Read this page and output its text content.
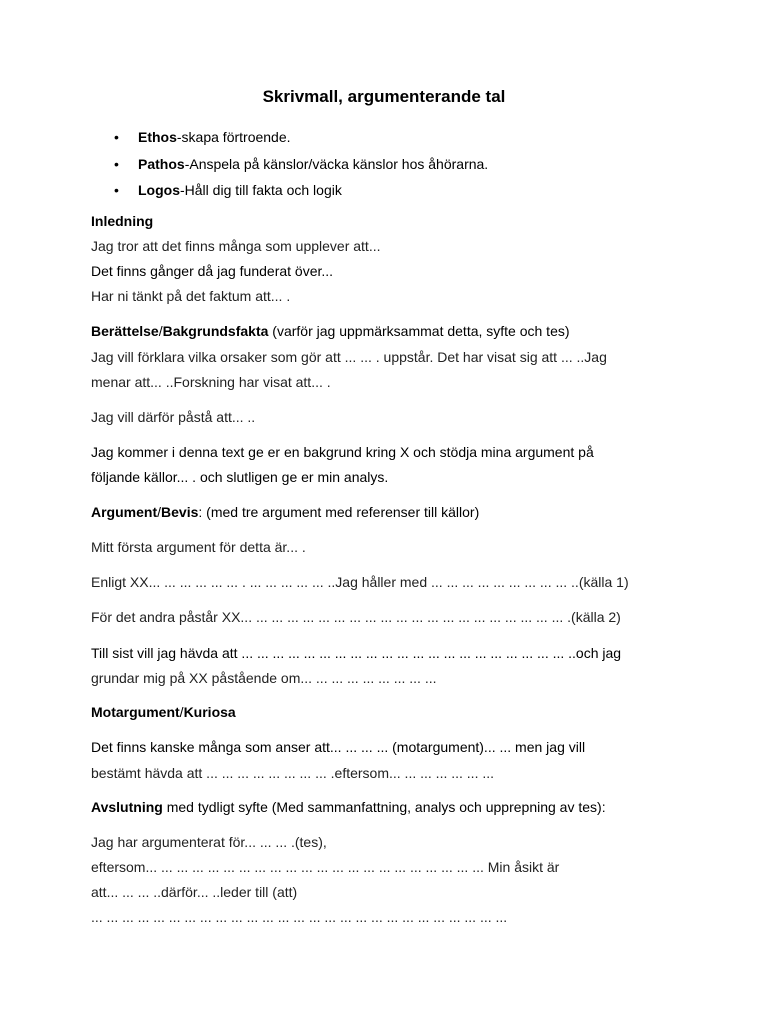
Skrivmall, argumenterande tal
• Ethos-skapa förtroende.
• Pathos-Anspela på känslor/väcka känslor hos åhörarna.
• Logos-Håll dig till fakta och logik
Inledning
Jag tror att det finns många som upplever att...
Det finns gånger då jag funderat över...
Har ni tänkt på det faktum att... .
Berättelse/Bakgrundsfakta (varför jag uppmärksammat detta, syfte och tes)
Jag vill förklara vilka orsaker som gör att ... ... . uppstår. Det har visat sig att ... ..Jag
menar att... ..Forskning har visat att... .
Jag vill därför påstå att... ..
Jag kommer i denna text ge er en bakgrund kring X och stödja mina argument på
följande källor... . och slutligen ge er min analys.
Argument/Bevis: (med tre argument med referenser till källor)
Mitt första argument för detta är... .
Enligt XX... ... ... ... ... ... . ... ... ... ... ... ..Jag håller med ... ... ... ... ... ... ... ... ... ..(källa 1)
För det andra påstår XX... ... ... ... ... ... ... ... ... ... ... ... ... ... ... ... ... ... ... ... ... .(källa 2)
Till sist vill jag hävda att ... ... ... ... ... ... ... ... ... ... ... ... ... ... ... ... ... ... ... ... ... ..och jag
grundar mig på XX påstående om... ... ... ... ... ... ... ... ...
Motargument/Kuriosa
Det finns kanske många som anser att... ... ... ... (motargument)... ... men jag vill
bestämt hävda att ... ... ... ... ... ... ... ... .eftersom... ... ... ... ... ... ...
Avslutning med tydligt syfte (Med sammanfattning, analys och upprepning av tes):
Jag har argumenterat för... ... ... .(tes),
eftersom... ... ... ... ... ... ... ... ... ... ... ... ... ... ... ... ... ... ... ... ... ... Min åsikt är
att... ... ... ..därför... ..leder till (att)
... ... ... ... ... ... ... ... ... ... ... ... ... ... ... ... ... ... ... ... ... ... ... ... ... ... ...
